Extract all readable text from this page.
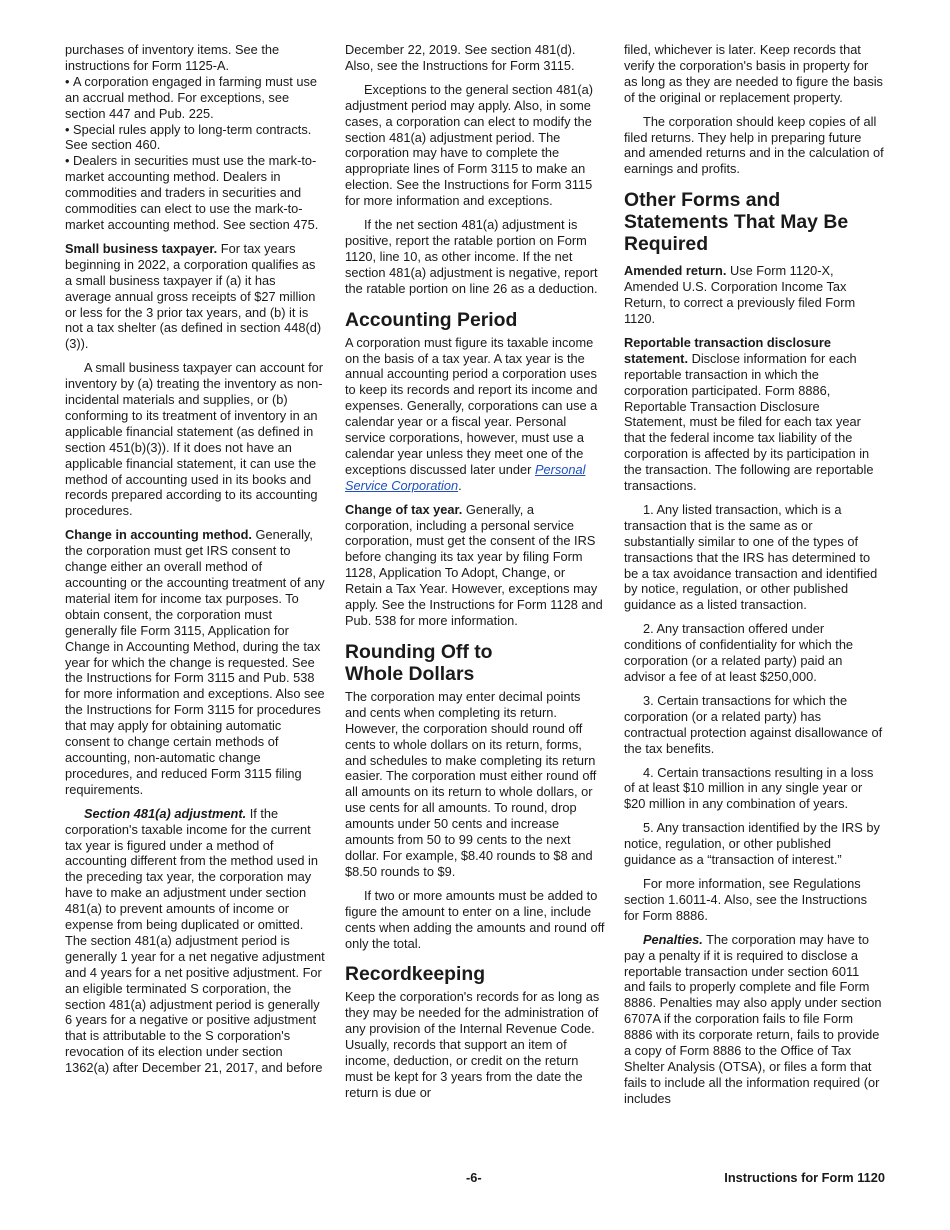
purchases of inventory items. See the instructions for Form 1125-A.

• A corporation engaged in farming must use an accrual method. For exceptions, see section 447 and Pub. 225.

• Special rules apply to long-term contracts. See section 460.

• Dealers in securities must use the mark-to-market accounting method. Dealers in commodities and traders in securities and commodities can elect to use the mark-to-market accounting method. See section 475.

Small business taxpayer. For tax years beginning in 2022, a corporation qualifies as a small business taxpayer if (a) it has average annual gross receipts of $27 million or less for the 3 prior tax years, and (b) it is not a tax shelter (as defined in section 448(d)(3)).

A small business taxpayer can account for inventory by (a) treating the inventory as non-incidental materials and supplies, or (b) conforming to its treatment of inventory in an applicable financial statement (as defined in section 451(b)(3)). If it does not have an applicable financial statement, it can use the method of accounting used in its books and records prepared according to its accounting procedures.

Change in accounting method. Generally, the corporation must get IRS consent to change either an overall method of accounting or the accounting treatment of any material item for income tax purposes. To obtain consent, the corporation must generally file Form 3115, Application for Change in Accounting Method, during the tax year for which the change is requested. See the Instructions for Form 3115 and Pub. 538 for more information and exceptions. Also see the Instructions for Form 3115 for procedures that may apply for obtaining automatic consent to change certain methods of accounting, non-automatic change procedures, and reduced Form 3115 filing requirements.

Section 481(a) adjustment. If the corporation's taxable income for the current tax year is figured under a method of accounting different from the method used in the preceding tax year, the corporation may have to make an adjustment under section 481(a) to prevent amounts of income or expense from being duplicated or omitted. The section 481(a) adjustment period is generally 1 year for a net negative adjustment and 4 years for a net positive adjustment. For an eligible terminated S corporation, the section 481(a) adjustment period is generally 6 years for a negative or positive adjustment that is attributable to the S corporation's revocation of its election under section 1362(a) after December 21, 2017, and before

December 22, 2019. See section 481(d). Also, see the Instructions for Form 3115.

Exceptions to the general section 481(a) adjustment period may apply. Also, in some cases, a corporation can elect to modify the section 481(a) adjustment period. The corporation may have to complete the appropriate lines of Form 3115 to make an election. See the Instructions for Form 3115 for more information and exceptions.

If the net section 481(a) adjustment is positive, report the ratable portion on Form 1120, line 10, as other income. If the net section 481(a) adjustment is negative, report the ratable portion on line 26 as a deduction.

Accounting Period

A corporation must figure its taxable income on the basis of a tax year. A tax year is the annual accounting period a corporation uses to keep its records and report its income and expenses. Generally, corporations can use a calendar year or a fiscal year. Personal service corporations, however, must use a calendar year unless they meet one of the exceptions discussed later under Personal Service Corporation.

Change of tax year. Generally, a corporation, including a personal service corporation, must get the consent of the IRS before changing its tax year by filing Form 1128, Application To Adopt, Change, or Retain a Tax Year. However, exceptions may apply. See the Instructions for Form 1128 and Pub. 538 for more information.

Rounding Off to Whole Dollars

The corporation may enter decimal points and cents when completing its return. However, the corporation should round off cents to whole dollars on its return, forms, and schedules to make completing its return easier. The corporation must either round off all amounts on its return to whole dollars, or use cents for all amounts. To round, drop amounts under 50 cents and increase amounts from 50 to 99 cents to the next dollar. For example, $8.40 rounds to $8 and $8.50 rounds to $9.

If two or more amounts must be added to figure the amount to enter on a line, include cents when adding the amounts and round off only the total.

Recordkeeping

Keep the corporation's records for as long as they may be needed for the administration of any provision of the Internal Revenue Code. Usually, records that support an item of income, deduction, or credit on the return must be kept for 3 years from the date the return is due or

filed, whichever is later. Keep records that verify the corporation's basis in property for as long as they are needed to figure the basis of the original or replacement property.

The corporation should keep copies of all filed returns. They help in preparing future and amended returns and in the calculation of earnings and profits.

Other Forms and Statements That May Be Required

Amended return. Use Form 1120-X, Amended U.S. Corporation Income Tax Return, to correct a previously filed Form 1120.

Reportable transaction disclosure statement. Disclose information for each reportable transaction in which the corporation participated. Form 8886, Reportable Transaction Disclosure Statement, must be filed for each tax year that the federal income tax liability of the corporation is affected by its participation in the transaction. The following are reportable transactions.

1. Any listed transaction, which is a transaction that is the same as or substantially similar to one of the types of transactions that the IRS has determined to be a tax avoidance transaction and identified by notice, regulation, or other published guidance as a listed transaction.

2. Any transaction offered under conditions of confidentiality for which the corporation (or a related party) paid an advisor a fee of at least $250,000.

3. Certain transactions for which the corporation (or a related party) has contractual protection against disallowance of the tax benefits.

4. Certain transactions resulting in a loss of at least $10 million in any single year or $20 million in any combination of years.

5. Any transaction identified by the IRS by notice, regulation, or other published guidance as a “transaction of interest.”

For more information, see Regulations section 1.6011-4. Also, see the Instructions for Form 8886.

Penalties. The corporation may have to pay a penalty if it is required to disclose a reportable transaction under section 6011 and fails to properly complete and file Form 8886. Penalties may also apply under section 6707A if the corporation fails to file Form 8886 with its corporate return, fails to provide a copy of Form 8886 to the Office of Tax Shelter Analysis (OTSA), or files a form that fails to include all the information required (or includes

-6-	Instructions for Form 1120
